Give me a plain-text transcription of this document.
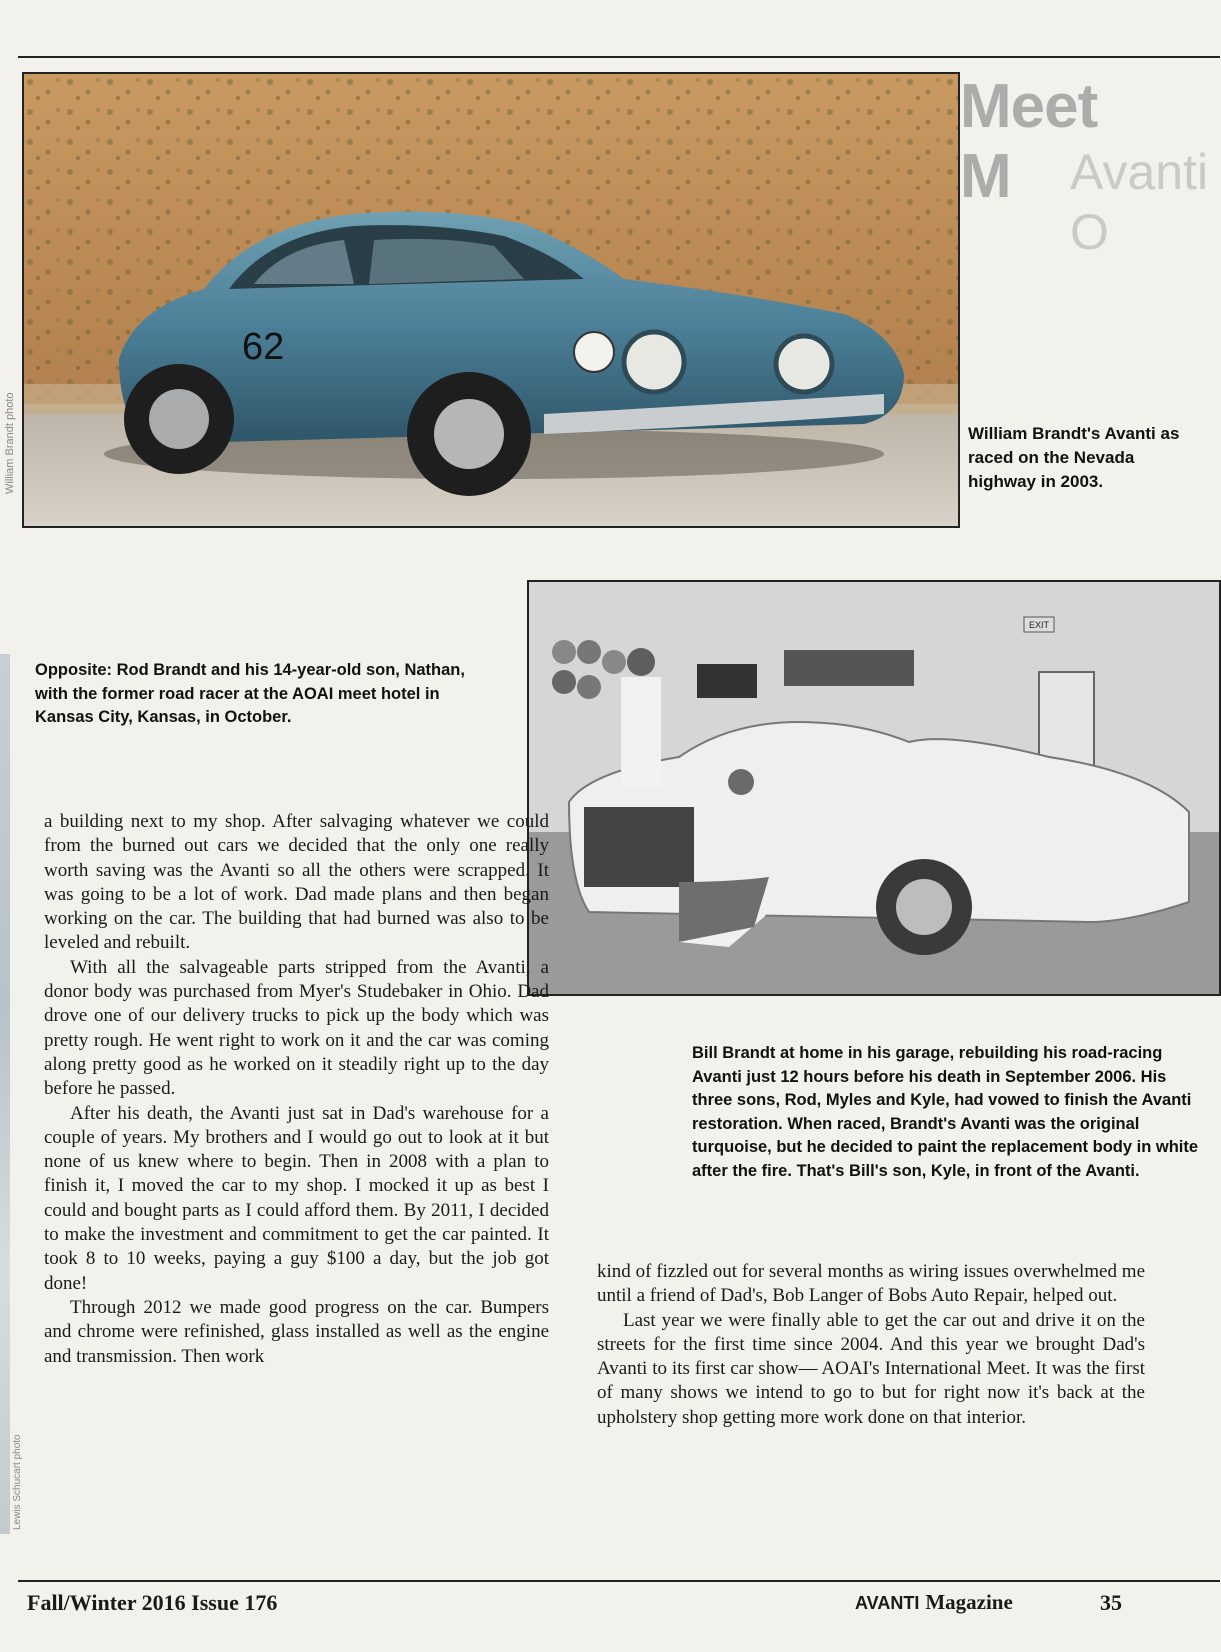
Meet M	Avanti O
62
William Brandt photo	William Brandt's Avanti as raced on the Nevada highway in 2003.
EXIT
Opposite: Rod Brandt and his 14-year-old son, Nathan, with the former road racer at the AOAI meet hotel in Kansas City, Kansas, in October.
Bill Brandt at home in his garage, rebuilding his road-racing Avanti just 12 hours before his death in September 2006. His three sons, Rod, Myles and Kyle, had vowed to finish the Avanti restoration. When raced, Brandt's Avanti was the original turquoise, but he decided to paint the replacement body in white after the fire. That's Bill's son, Kyle, in front of the Avanti.
Lewis Schucart photo

a building next to my shop. After salvaging whatever we could from the burned out cars we decided that the only one really worth saving was the Avanti so all the others were scrapped. It was going to be a lot of work. Dad made plans and then began working on the car. The building that had burned was also to be leveled and rebuilt.

With all the salvageable parts stripped from the Avanti, a donor body was purchased from Myer's Studebaker in Ohio. Dad drove one of our delivery trucks to pick up the body which was pretty rough. He went right to work on it and the car was coming along pretty good as he worked on it steadily right up to the day before he passed.

After his death, the Avanti just sat in Dad's warehouse for a couple of years. My brothers and I would go out to look at it but none of us knew where to begin. Then in 2008 with a plan to finish it, I moved the car to my shop. I mocked it up as best I could and bought parts as I could afford them. By 2011, I decided to make the investment and commitment to get the car painted. It took 8 to 10 weeks, paying a guy $100 a day, but the job got done!

Through 2012 we made good progress on the car. Bumpers and chrome were refinished, glass installed as well as the engine and transmission. Then work

kind of fizzled out for several months as wiring issues overwhelmed me until a friend of Dad's, Bob Langer of Bobs Auto Repair, helped out.

Last year we were finally able to get the car out and drive it on the streets for the first time since 2004. And this year we brought Dad's Avanti to its first car show— AOAI's International Meet. It was the first of many shows we intend to go to but for right now it's back at the upholstery shop getting more work done on that interior.

Fall/Winter 2016 Issue 176	AVANTI Magazine	35
